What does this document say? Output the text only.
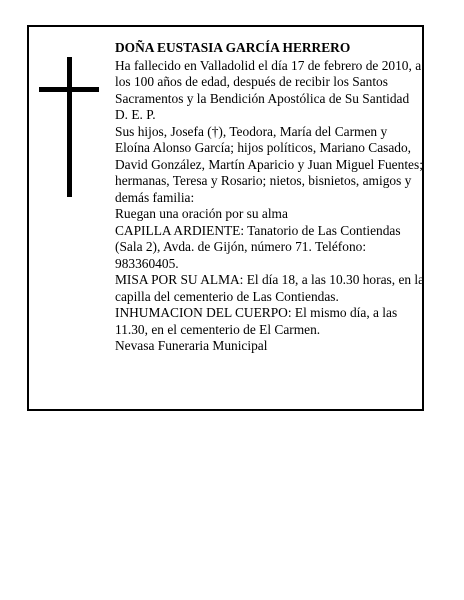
DOÑA EUSTASIA GARCÍA HERRERO

Ha fallecido en Valladolid el día 17 de febrero de 2010, a los 100 años de edad, después de recibir los Santos Sacramentos y la Bendición Apostólica de Su Santidad

D. E. P.

Sus hijos, Josefa (†), Teodora, María del Carmen y Eloína Alonso García; hijos políticos, Mariano Casado, David González, Martín Aparicio y Juan Miguel Fuentes; hermanas, Teresa y Rosario; nietos, bisnietos, amigos y demás familia:

Ruegan una oración por su alma

CAPILLA ARDIENTE: Tanatorio de Las Contiendas (Sala 2), Avda. de Gijón, número 71. Teléfono: 983360405.

MISA POR SU ALMA: El día 18, a las 10.30 horas, en la capilla del cementerio de Las Contiendas.

INHUMACION DEL CUERPO: El mismo día, a las 11.30, en el cementerio de El Carmen.

Nevasa Funeraria Municipal
